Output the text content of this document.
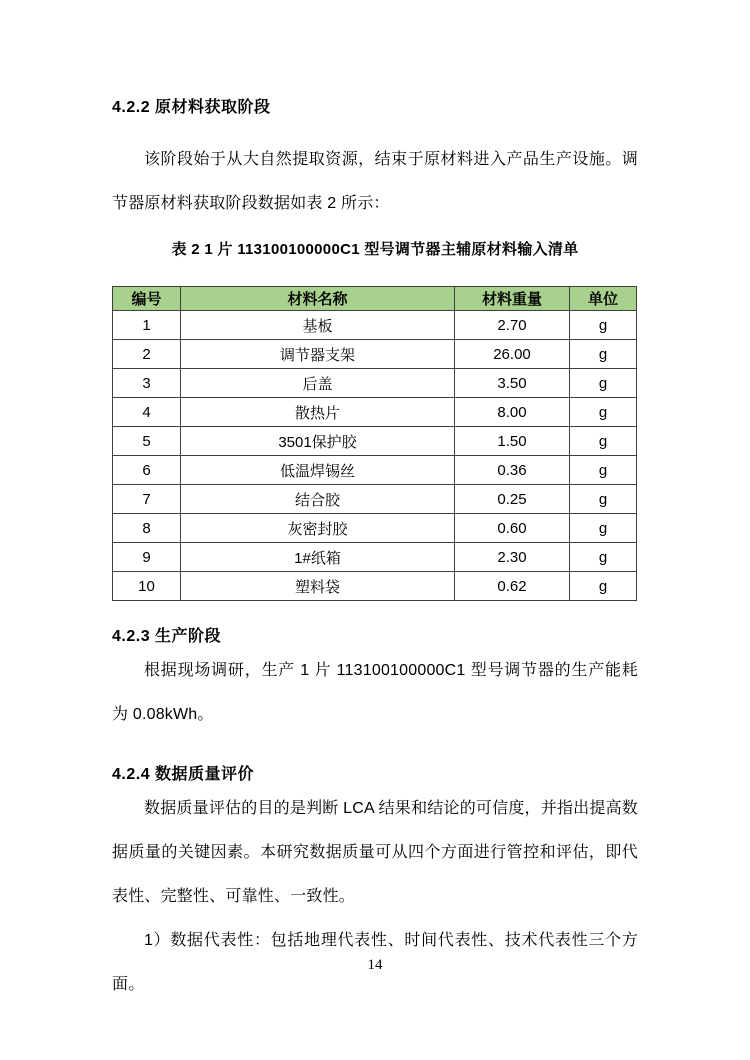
4.2.2 原材料获取阶段

该阶段始于从大自然提取资源，结束于原材料进入产品生产设施。调节器原材料获取阶段数据如表 2 所示：

表 2 1 片 113100100000C1 型号调节器主辅原材料输入清单
编号	材料名称	材料重量	单位
1	基板	2.70	g
2	调节器支架	26.00	g
3	后盖	3.50	g
4	散热片	8.00	g
5	3501保护胶	1.50	g
6	低温焊锡丝	0.36	g
7	结合胶	0.25	g
8	灰密封胶	0.60	g
9	1#纸箱	2.30	g
10	塑料袋	0.62	g
4.2.3 生产阶段

根据现场调研，生产 1 片 113100100000C1 型号调节器的生产能耗为 0.08kWh。

4.2.4 数据质量评价

数据质量评估的目的是判断 LCA 结果和结论的可信度，并指出提高数据质量的关键因素。本研究数据质量可从四个方面进行管控和评估，即代表性、完整性、可靠性、一致性。

1）数据代表性：包括地理代表性、时间代表性、技术代表性三个方面。

14
